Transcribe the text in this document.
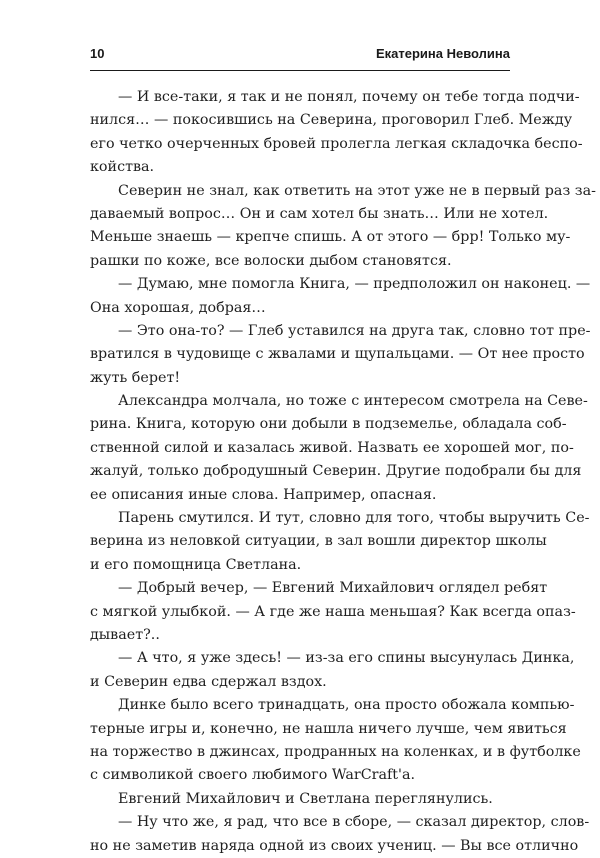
10	Екатерина Неволина
— И все-таки, я так и не понял, почему он тебе тогда подчи-
нился… — покосившись на Северина, проговорил Глеб. Между
его четко очерченных бровей пролегла легкая складочка беспо-
койства.
Северин не знал, как ответить на этот уже не в первый раз за-
даваемый вопрос… Он и сам хотел бы знать… Или не хотел.
Меньше знаешь — крепче спишь. А от этого — брр! Только му-
рашки по коже, все волоски дыбом становятся.
— Думаю, мне помогла Книга, — предположил он наконец. —
Она хорошая, добрая…
— Это она-то? — Глеб уставился на друга так, словно тот пре-
вратился в чудовище с жвалами и щупальцами. — От нее просто
жуть берет!
Александра молчала, но тоже с интересом смотрела на Севе-
рина. Книга, которую они добыли в подземелье, обладала соб-
ственной силой и казалась живой. Назвать ее хорошей мог, по-
жалуй, только добродушный Северин. Другие подобрали бы для
ее описания иные слова. Например, опасная.
Парень смутился. И тут, словно для того, чтобы выручить Се-
верина из неловкой ситуации, в зал вошли директор школы
и его помощница Светлана.
— Добрый вечер, — Евгений Михайлович оглядел ребят
с мягкой улыбкой. — А где же наша меньшая? Как всегда опаз-
дывает?..
— А что, я уже здесь! — из-за его спины высунулась Динка,
и Северин едва сдержал вздох.
Динке было всего тринадцать, она просто обожала компью-
терные игры и, конечно, не нашла ничего лучше, чем явиться
на торжество в джинсах, продранных на коленках, и в футболке
с символикой своего любимого WarCraft'а.
Евгений Михайлович и Светлана переглянулись.
— Ну что же, я рад, что все в сборе, — сказал директор, слов-
но не заметив наряда одной из своих учениц. — Вы все отлично
